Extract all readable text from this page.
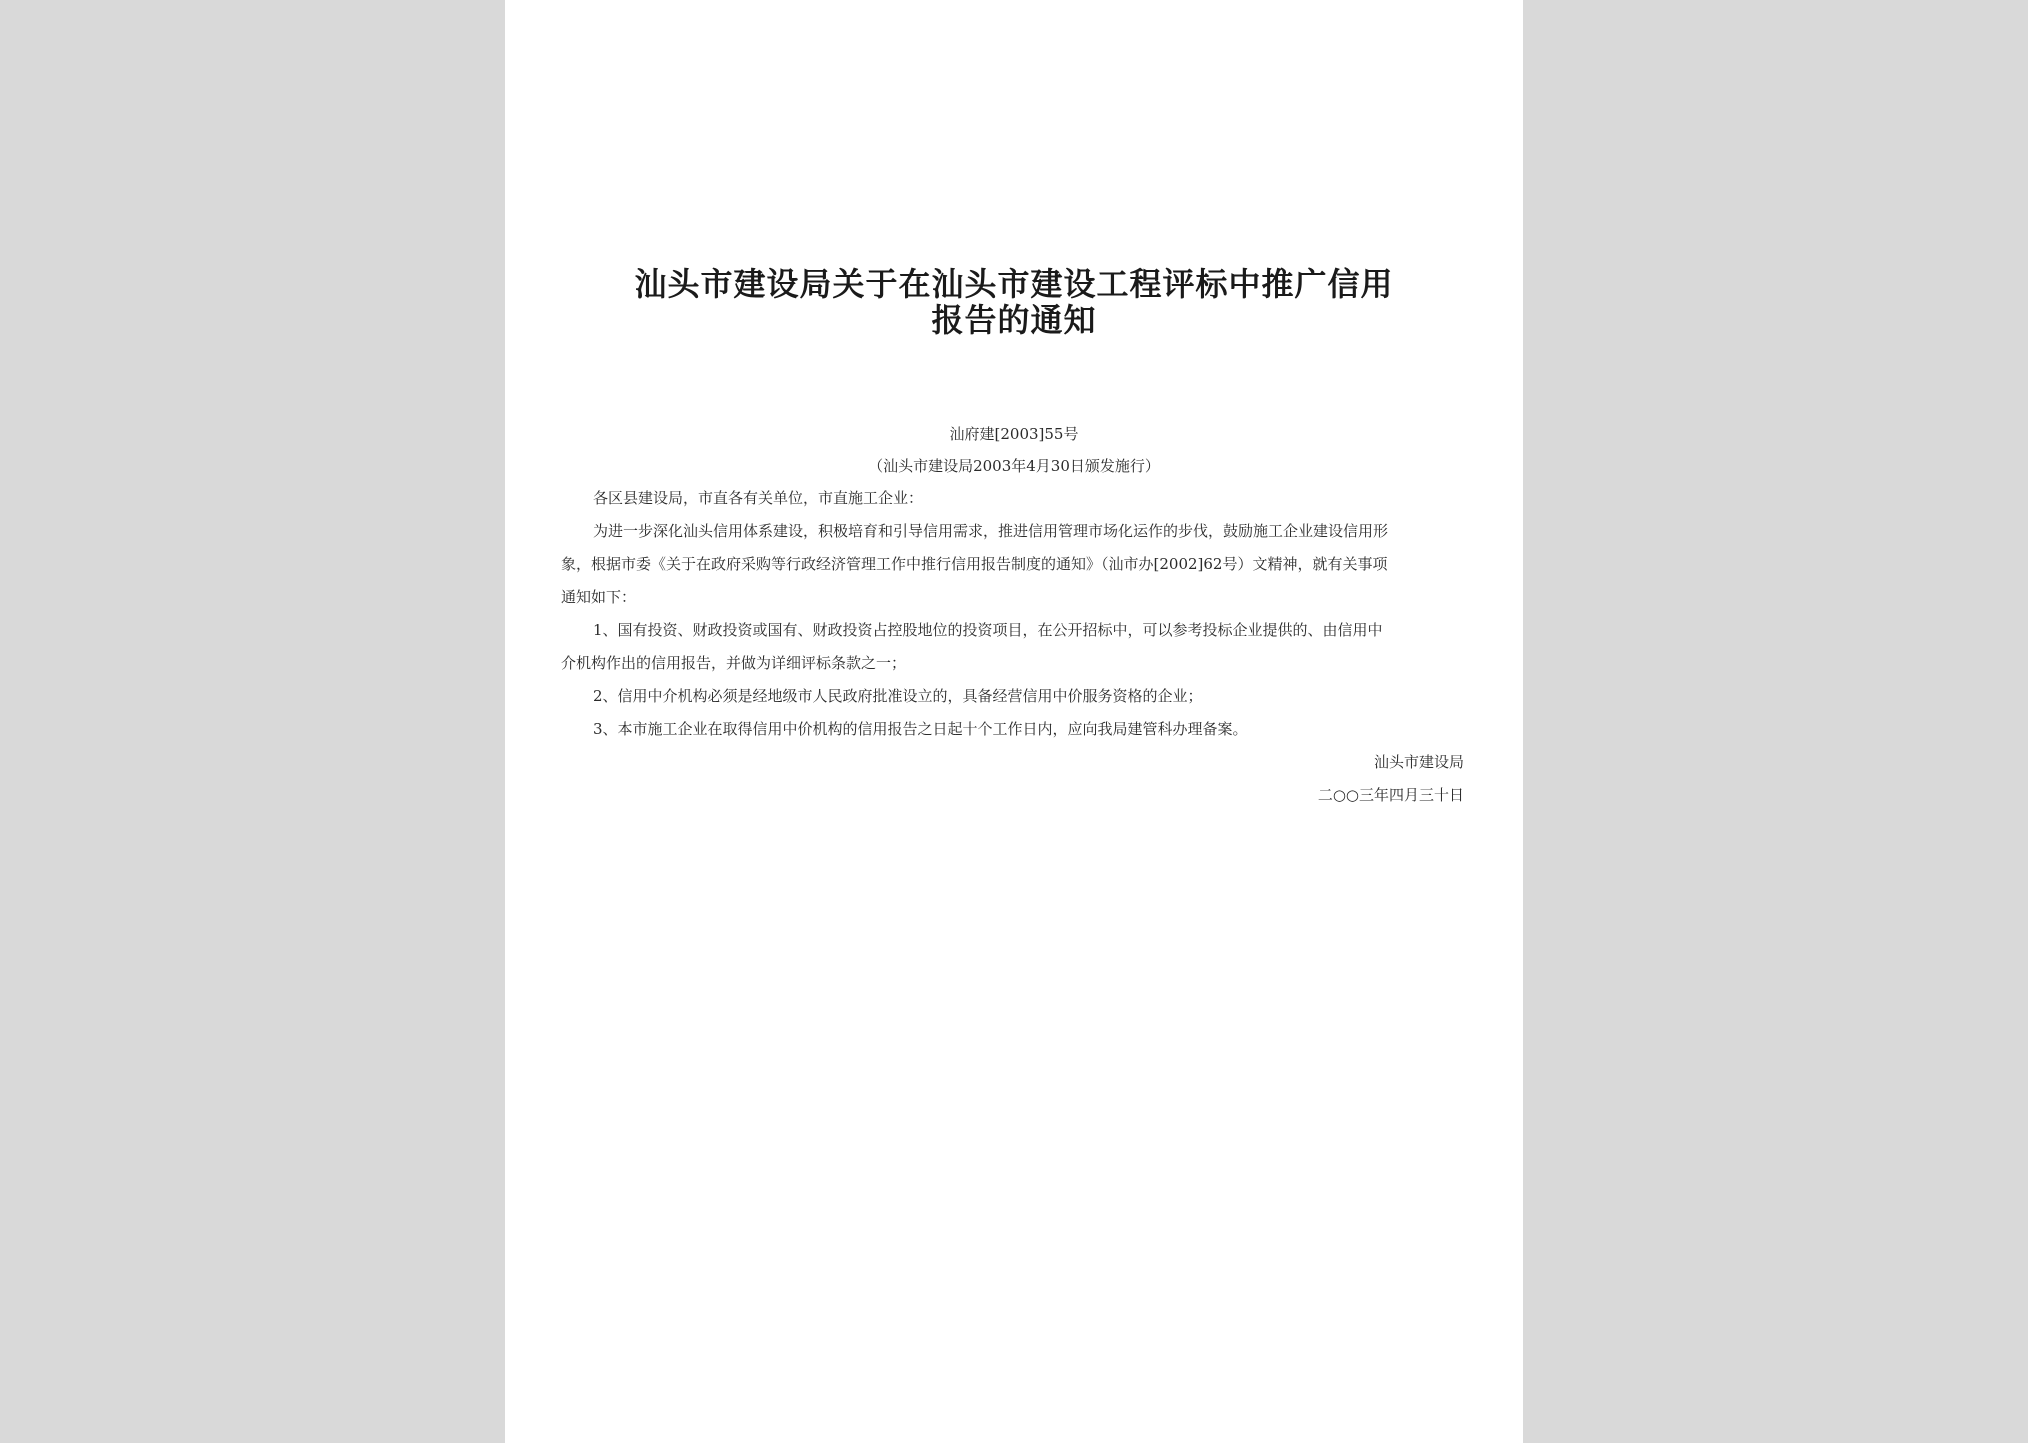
汕头市建设局关于在汕头市建设工程评标中推广信用
报告的通知
汕府建[2003]55号
（汕头市建设局2003年4月30日颁发施行）
各区县建设局，市直各有关单位，市直施工企业：
为进一步深化汕头信用体系建设，积极培育和引导信用需求，推进信用管理市场化运作的步伐，鼓励施工企业建设信用形
象，根据市委《关于在政府采购等行政经济管理工作中推行信用报告制度的通知》（汕市办[2002]62号）文精神，就有关事项
通知如下：
1、国有投资、财政投资或国有、财政投资占控股地位的投资项目，在公开招标中，可以参考投标企业提供的、由信用中
介机构作出的信用报告，并做为详细评标条款之一；
2、信用中介机构必须是经地级市人民政府批准设立的，具备经营信用中价服务资格的企业；
3、本市施工企业在取得信用中价机构的信用报告之日起十个工作日内，应向我局建管科办理备案。
汕头市建设局
二○○三年四月三十日
